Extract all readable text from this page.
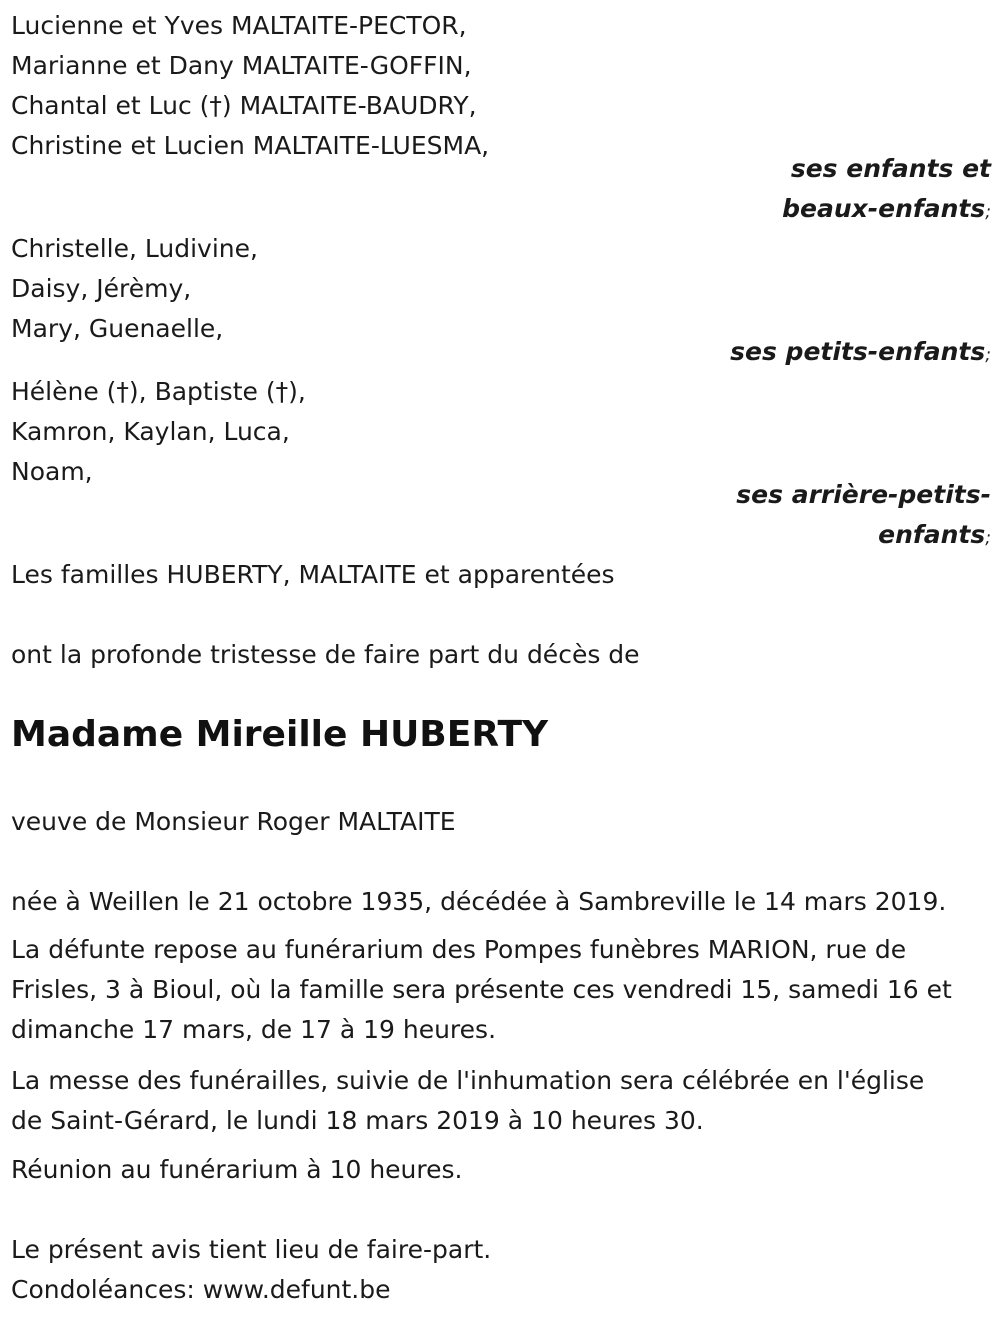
Lucienne et Yves MALTAITE-PECTOR,
Marianne et Dany MALTAITE-GOFFIN,
Chantal et Luc (†) MALTAITE-BAUDRY,
Christine et Lucien MALTAITE-LUESMA,
ses enfants et
beaux-enfants;
Christelle, Ludivine,
Daisy, Jérèmy,
Mary, Guenaelle,
ses petits-enfants;
Hélène (†), Baptiste (†),
Kamron, Kaylan, Luca,
Noam,
ses arrière-petits-
enfants;
Les familles HUBERTY, MALTAITE et apparentées
ont la profonde tristesse de faire part du décès de
Madame Mireille HUBERTY
veuve de Monsieur Roger MALTAITE
née à Weillen le 21 octobre 1935, décédée à Sambreville le 14 mars 2019.
La défunte repose au funérarium des Pompes funèbres MARION, rue de
Frisles, 3 à Bioul, où la famille sera présente ces vendredi 15, samedi 16 et
dimanche 17 mars, de 17 à 19 heures.
La messe des funérailles, suivie de l'inhumation sera célébrée en l'église
de Saint-Gérard, le lundi 18 mars 2019 à 10 heures 30.
Réunion au funérarium à 10 heures.
Le présent avis tient lieu de faire-part.
Condoléances: www.defunt.be
